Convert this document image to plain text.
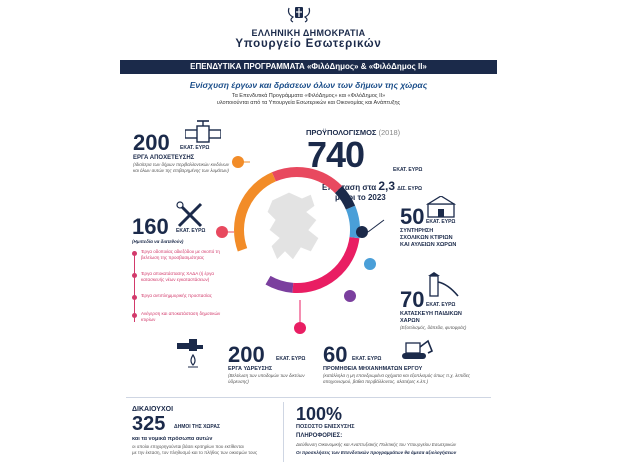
ΕΛΛΗΝΙΚΗ ΔΗΜΟΚΡΑΤΙΑ
Υπουργείο Εσωτερικών
ΕΠΕΝΔΥΤΙΚΑ ΠΡΟΓΡΑΜΜΑΤΑ «ΦιλόΔημος» & «ΦιλόΔημος ΙΙ»
Ενίσχυση έργων και δράσεων όλων των δήμων της χώρας
Τα Επενδυτικά Προγράμματα «ΦιλόΔημος» και «ΦιλόΔημος ΙΙ»
υλοποιούνται από τα Υπουργεία Εσωτερικών και Οικονομίας και Ανάπτυξης
ΠΡΟΫΠΟΛΟΓΙΣΜΟΣ (2018)
740	ΕΚΑΤ. ΕΥΡΩ
Επέκταση στα 2,3 ΔΙΣ. ΕΥΡΩ
μέχρι το 2023
200 ΕΚΑΤ. ΕΥΡΩ
ΕΡΓΑ ΑΠΟΧΕΤΕΥΣΗΣ
(Ιδιαίτερα των δήμων περιβαλλοντικών κινδύνων και όλων αυτών της επιβαρημένης των λυμάτων)
160 ΕΚΑΤ. ΕΥΡΩ
(Ημιπεδία να διατεθούν)
Έργα οδοποιίας αδιεξόδου με σκοπό τη βελτίωση της προσβασιμότητας
Έργα αποκατάστασης ΧΑΔΑ (ή έργα κατασκευής νέων εγκαταστάσεων)
Έργα αντιπλημμυρικής προστασίας
Ανέγερση και αποκατάσταση δημοτικών κτιρίων
50 ΕΚΑΤ. ΕΥΡΩ
ΣΥΝΤΗΡΗΣΗ
ΣΧΟΛΙΚΩΝ ΚΤΙΡΙΩΝ
ΚΑΙ ΑΥΛΕΙΩΝ ΧΩΡΩΝ
70 ΕΚΑΤ. ΕΥΡΩ
ΚΑΤΑΣΚΕΥΗ ΠΑΙΔΙΚΩΝ
ΧΑΡΩΝ
(Εξοπλισμός, δάπεδα, φυτοφράς)
200 ΕΚΑΤ. ΕΥΡΩ
ΕΡΓΑ ΥΔΡΕΥΣΗΣ
(Βελτίωση των υποδομών των δικτύων ύδρευσης)
60 ΕΚΑΤ. ΕΥΡΩ
ΠΡΟΜΗΘΕΙΑ ΜΗΧΑΝΗΜΑΤΩΝ ΕΡΓΟΥ
(κατάλληλα η μη επανδρωμένα οχήματα και εξοπλισμός όπως π.χ. λεπίδες αποχιονισμού, βαθια περιβάλλοντος, αλατιέρες κ.λπ.)
ΔΙΚΑΙΟΥΧΟΙ
325 ΔΗΜΟΙ ΤΗΣ ΧΩΡΑΣ
και τα νομικά πρόσωπα αυτών
οι οποίοι επιχορηγούνται βάσει κριτηρίων που εκτίθενται
με την έκταση, τον πληθυσμό και το πλήθος των οικισμών τους
100%
ΠΟΣΟΣΤΟ ΕΝΙΣΧΥΣΗΣ
ΠΛΗΡΟΦΟΡΙΕΣ:
Διεύθυνση Οικονομικής και Αναπτυξιακής Πολιτικής του Υπουργείου Εσωτερικών
Οι προσκλήσεις των Επενδυτικών προγραμμάτων θα άμεσα αξιολογήσεων
